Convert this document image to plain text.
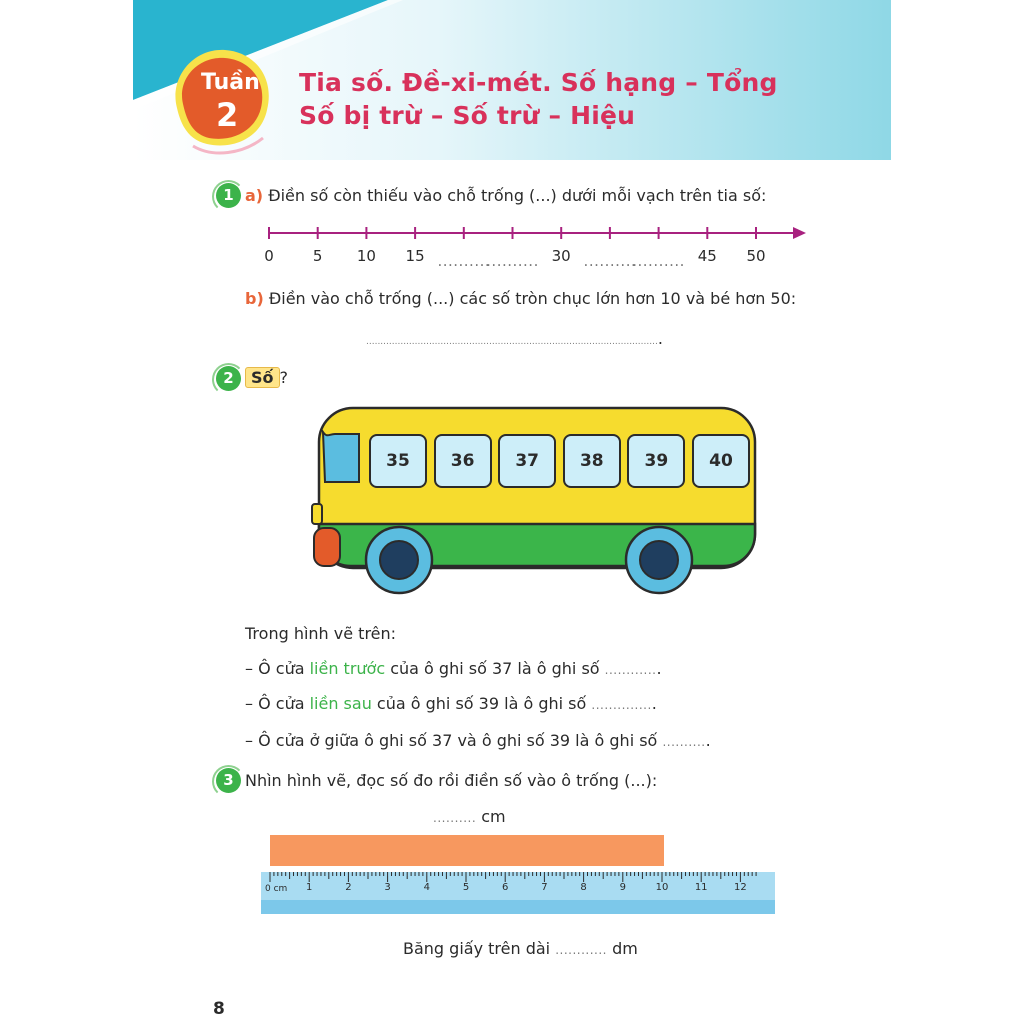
Tuần
2
Tia số. Đề-xi-mét. Số hạng – Tổng
Số bị trừ – Số trừ – Hiệu
1 a) Điền số còn thiếu vào chỗ trống (...) dưới mỗi vạch trên tia số:
0	5 10 15 ..........
.......... 30 ..........
.......... 45 50
b) Điền vào chỗ trống (...) các số tròn chục lớn hơn 10 và bé hơn 50:
.......................................................................................................
2	Số ?
35	36	37	38	39	40
Trong hình vẽ trên:
– Ô cửa liền trước của ô ghi số 37 là ô ghi số .............
– Ô cửa liền sau của ô ghi số 39 là ô ghi số ...............
– Ô cửa ở giữa ô ghi số 37 và ô ghi số 39 là ô ghi số ...........
3 Nhìn hình vẽ, đọc số đo rồi điền số vào ô trống (...):
.......... cm
0 cm 1	2	3	4	5	6	7	8	9	10	11	12
Băng giấy trên dài ............ dm
8
